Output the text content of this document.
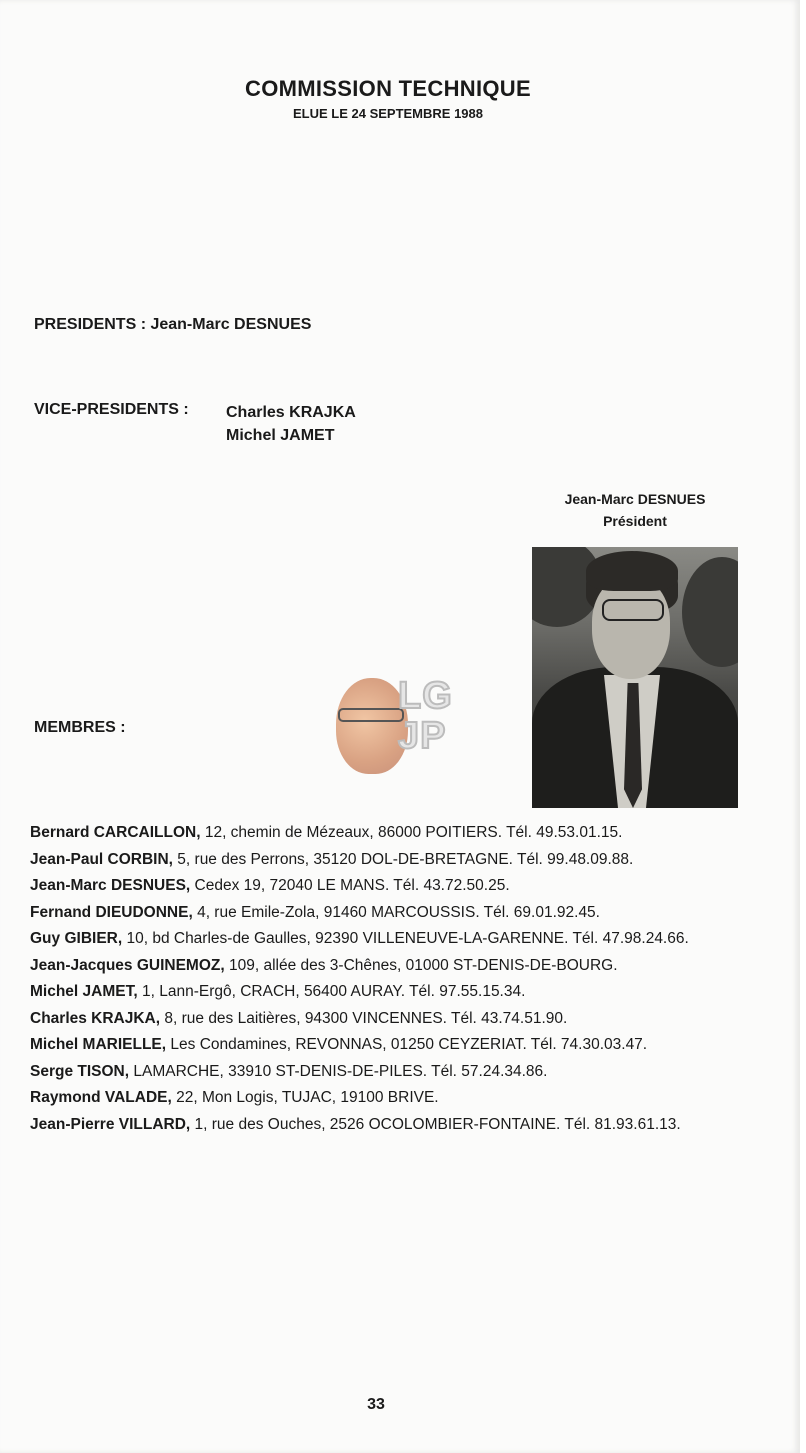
COMMISSION TECHNIQUE
ELUE LE 24 SEPTEMBRE 1988
PRESIDENTS : Jean-Marc DESNUES
VICE-PRESIDENTS : Charles KRAJKA
Michel JAMET
Jean-Marc DESNUES
Président
LG JP
MEMBRES :
Bernard CARCAILLON, 12, chemin de Mézeaux, 86000 POITIERS. Tél. 49.53.01.15.
Jean-Paul CORBIN, 5, rue des Perrons, 35120 DOL-DE-BRETAGNE. Tél. 99.48.09.88.
Jean-Marc DESNUES, Cedex 19, 72040 LE MANS. Tél. 43.72.50.25.
Fernand DIEUDONNE, 4, rue Emile-Zola, 91460 MARCOUSSIS. Tél. 69.01.92.45.
Guy GIBIER, 10, bd Charles-de Gaulles, 92390 VILLENEUVE-LA-GARENNE. Tél. 47.98.24.66.
Jean-Jacques GUINEMOZ, 109, allée des 3-Chênes, 01000 ST-DENIS-DE-BOURG.
Michel JAMET, 1, Lann-Ergô, CRACH, 56400 AURAY. Tél. 97.55.15.34.
Charles KRAJKA, 8, rue des Laitières, 94300 VINCENNES. Tél. 43.74.51.90.
Michel MARIELLE, Les Condamines, REVONNAS, 01250 CEYZERIAT. Tél. 74.30.03.47.
Serge TISON, LAMARCHE, 33910 ST-DENIS-DE-PILES. Tél. 57.24.34.86.
Raymond VALADE, 22, Mon Logis, TUJAC, 19100 BRIVE.
Jean-Pierre VILLARD, 1, rue des Ouches, 2526 OCOLOMBIER-FONTAINE. Tél. 81.93.61.13.
33
